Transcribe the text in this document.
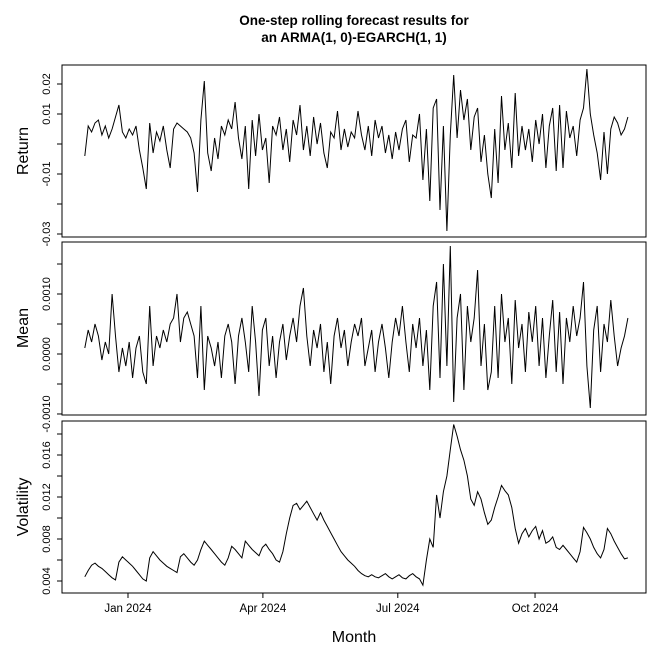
One-step rolling forecast results for
an ARMA(1, 0)-EGARCH(1, 1)
0.02
0.01
-0.01
-0.03
0.0010
0.0000
-0.0010
0.016
0.012
0.008
0.004
Jan 2024	Apr 2024	Jul 2024	Oct 2024
Return
Mean
Volatility
Month
